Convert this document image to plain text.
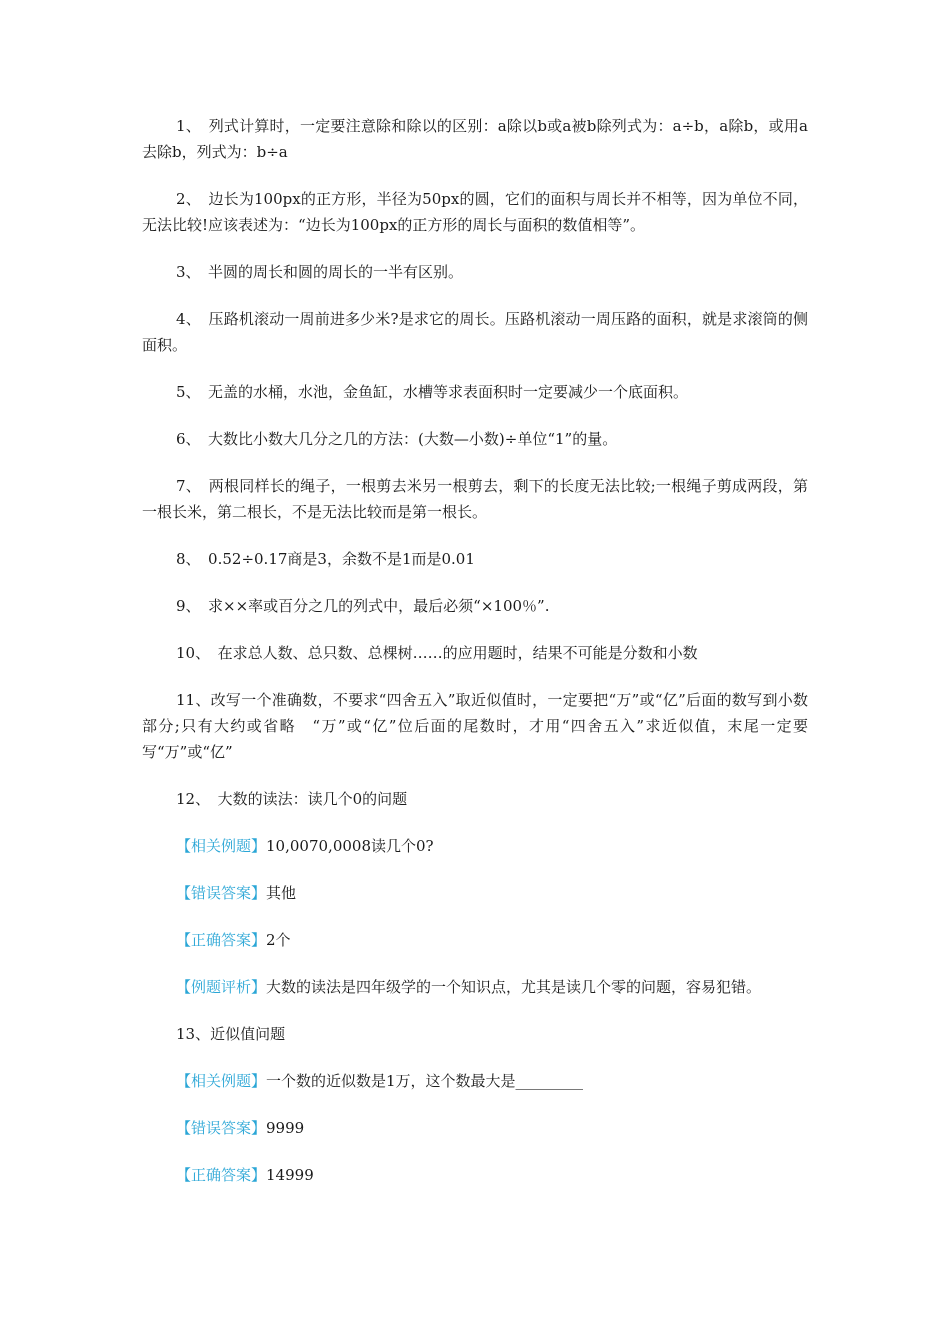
1、　列式计算时，一定要注意除和除以的区别：a除以b或a被b除列式为：a÷b，a除b，或用a去除b，列式为：b÷a

2、　边长为100px的正方形，半径为50px的圆，它们的面积与周长并不相等，因为单位不同，无法比较!应该表述为：“边长为100px的正方形的周长与面积的数值相等”。

3、　半圆的周长和圆的周长的一半有区别。

4、　压路机滚动一周前进多少米?是求它的周长。压路机滚动一周压路的面积，就是求滚筒的侧面积。

5、　无盖的水桶，水池，金鱼缸，水槽等求表面积时一定要减少一个底面积。

6、　大数比小数大几分之几的方法：(大数—小数)÷单位“1”的量。

7、　两根同样长的绳子，一根剪去米另一根剪去，剩下的长度无法比较;一根绳子剪成两段，第一根长米，第二根长，不是无法比较而是第一根长。

8、　0.52÷0.17商是3，余数不是1而是0.01

9、　求××率或百分之几的列式中，最后必须“×100％”.

10、　在求总人数、总只数、总棵树……的应用题时，结果不可能是分数和小数

11、改写一个准确数，不要求“四舍五入”取近似值时，一定要把“万”或“亿”后面的数写到小数部分;只有大约或省略　“万”或“亿”位后面的尾数时，才用“四舍五入”求近似值，末尾一定要写“万”或“亿”

12、　大数的读法：读几个0的问题

【相关例题】10,0070,0008读几个0?

【错误答案】其他

【正确答案】2个

【例题评析】大数的读法是四年级学的一个知识点，尤其是读几个零的问题，容易犯错。

13、近似值问题

【相关例题】一个数的近似数是1万，这个数最大是_________

【错误答案】9999

【正确答案】14999
